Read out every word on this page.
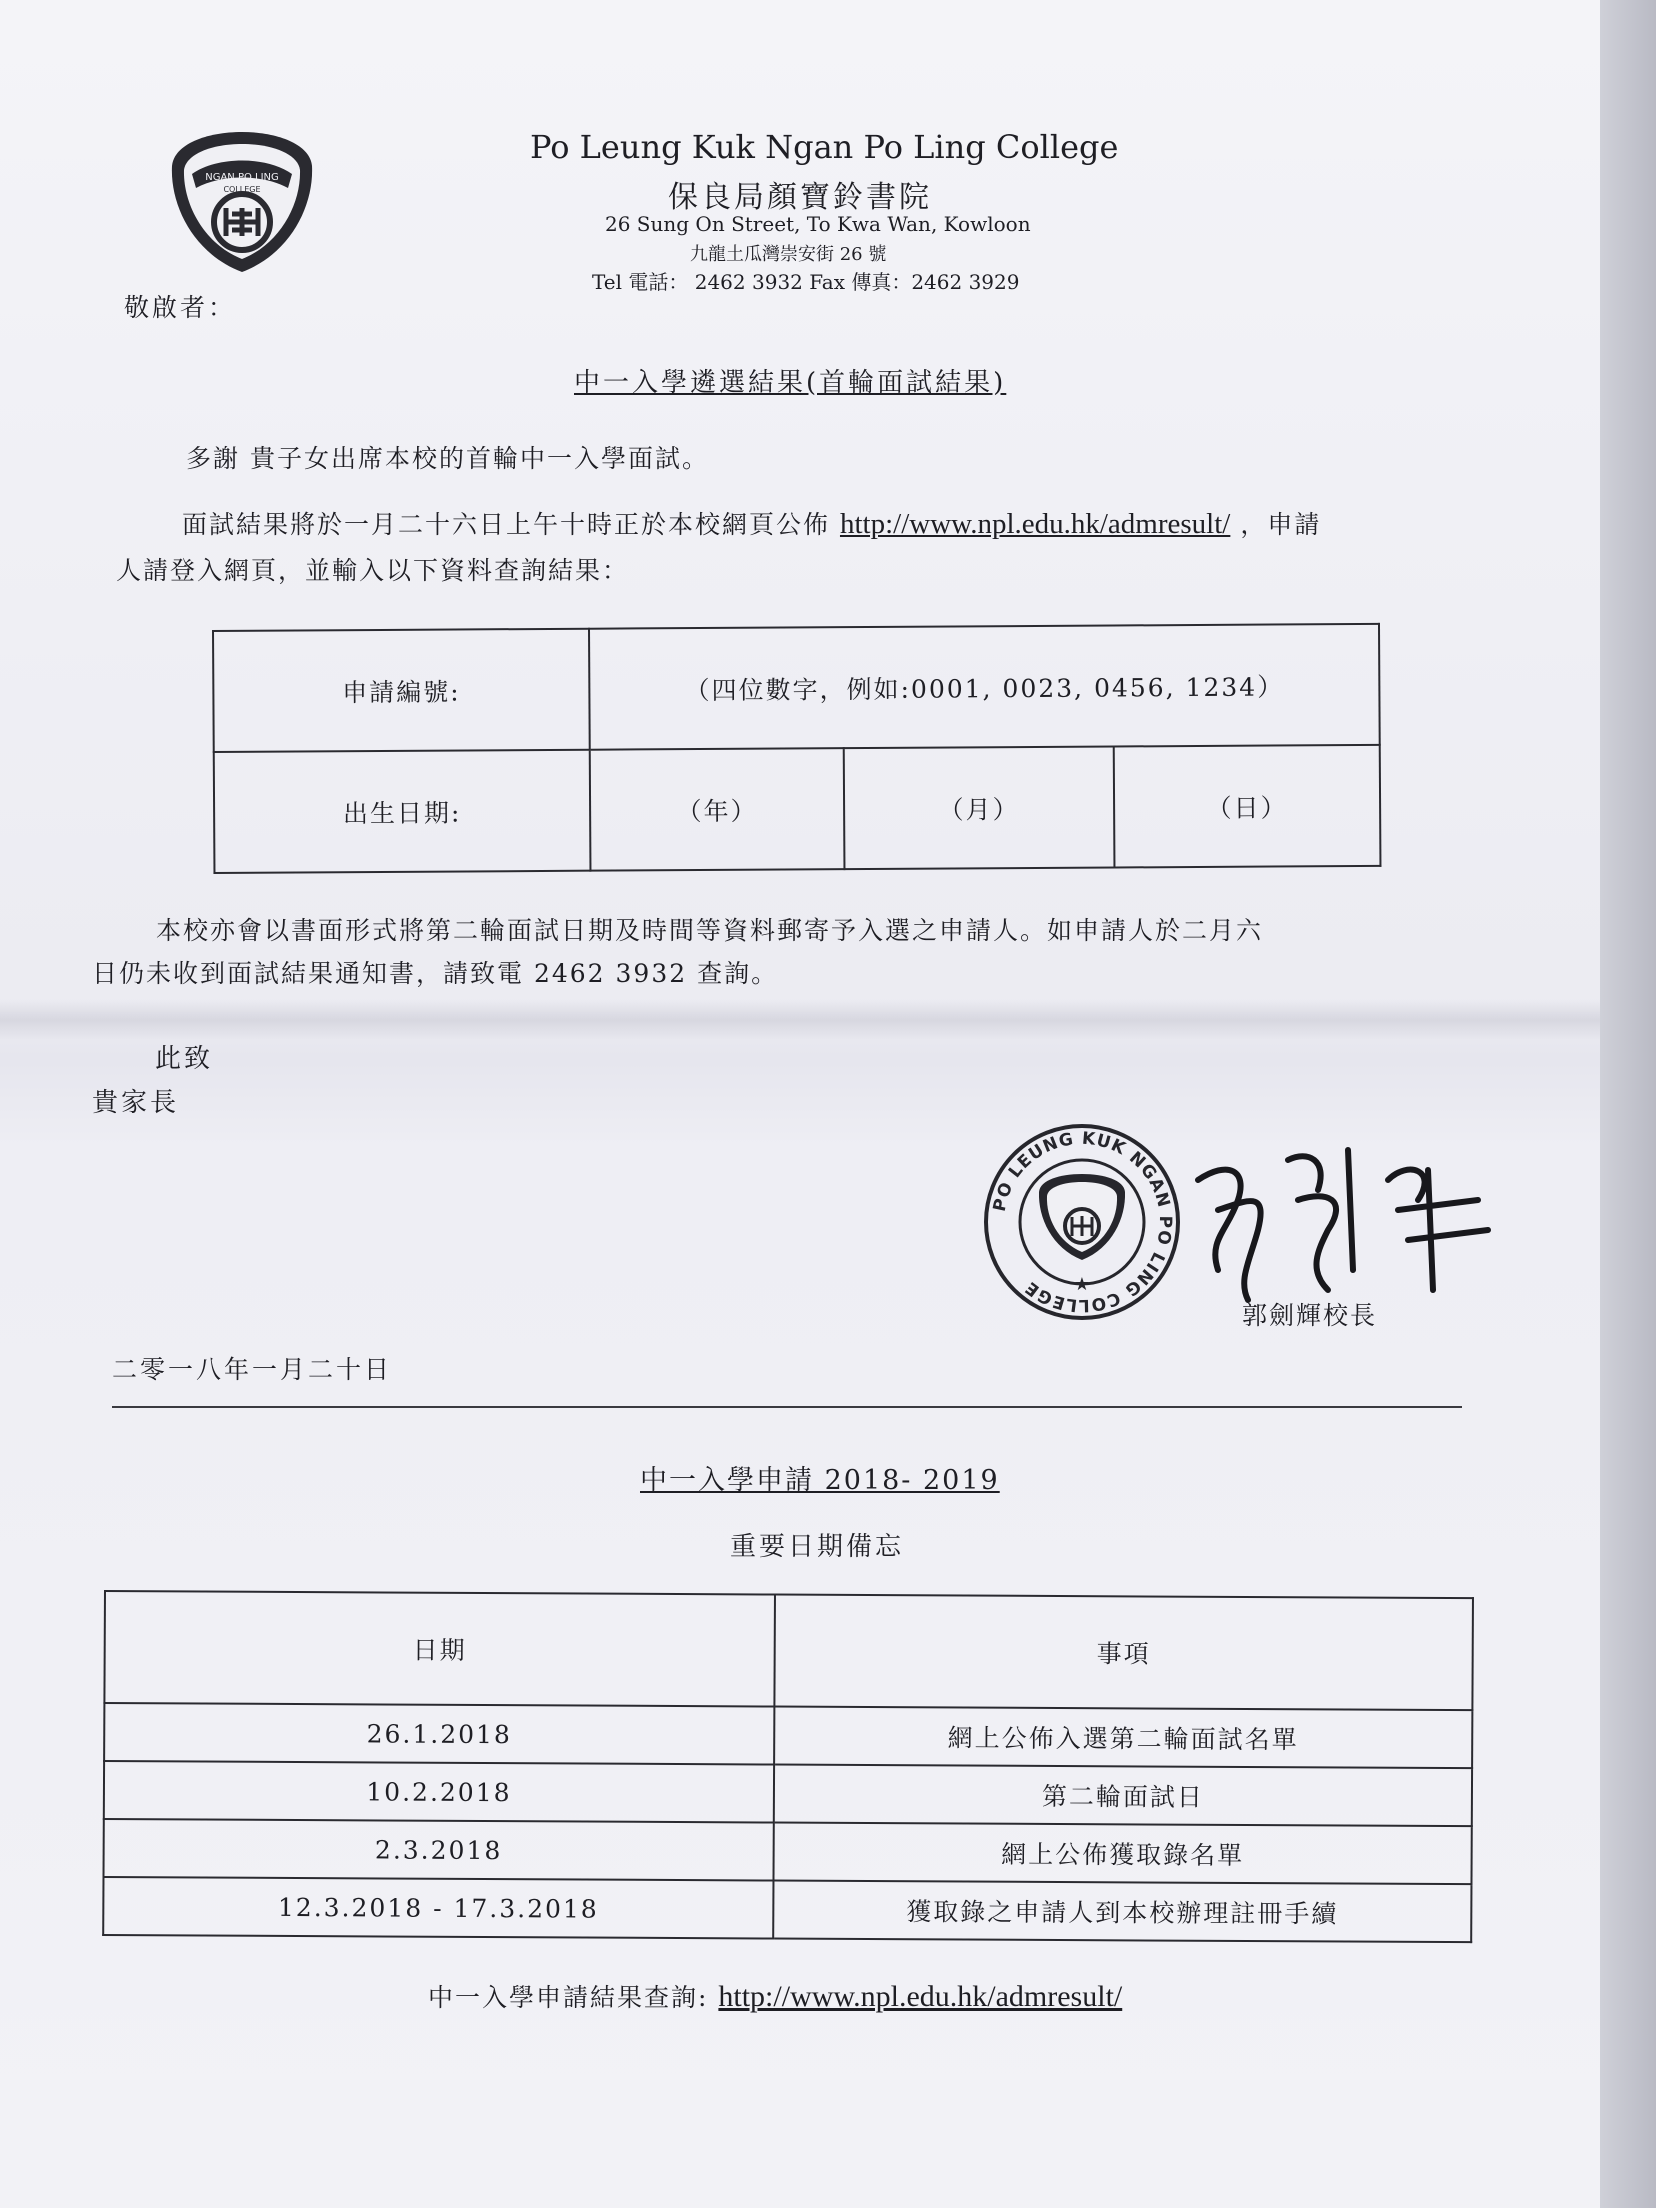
NGAN PO LING
COLLEGE
Po Leung Kuk Ngan Po Ling College
保良局顏寶鈴書院
26 Sung On Street, To Kwa Wan, Kowloon
九龍土瓜灣崇安街 26 號
Tel 電話： 2462 3932 Fax 傳真：2462 3929
敬啟者：
中一入學遴選結果(首輪面試結果)
多謝 貴子女出席本校的首輪中一入學面試。
面試結果將於一月二十六日上午十時正於本校網頁公佈 http://www.npl.edu.hk/admresult/ ，申請
人請登入網頁，並輸入以下資料查詢結果：
申請編號:	（四位數字，例如:0001, 0023, 0456, 1234）		
出生日期:	（年）	（月）	（日）
本校亦會以書面形式將第二輪面試日期及時間等資料郵寄予入選之申請人。如申請人於二月六
日仍未收到面試結果通知書，請致電 2462 3932 查詢。
此致
貴家長
PO LEUNG KUK NGAN PO LING COLLEGE	★
郭劍輝校長
二零一八年一月二十日
中一入學申請 2018- 2019
重要日期備忘
日期	事項
26.1.2018	網上公佈入選第二輪面試名單
10.2.2018	第二輪面試日
2.3.2018	網上公佈獲取錄名單
12.3.2018 - 17.3.2018	獲取錄之申請人到本校辦理註冊手續
中一入學申請結果查詢: http://www.npl.edu.hk/admresult/
